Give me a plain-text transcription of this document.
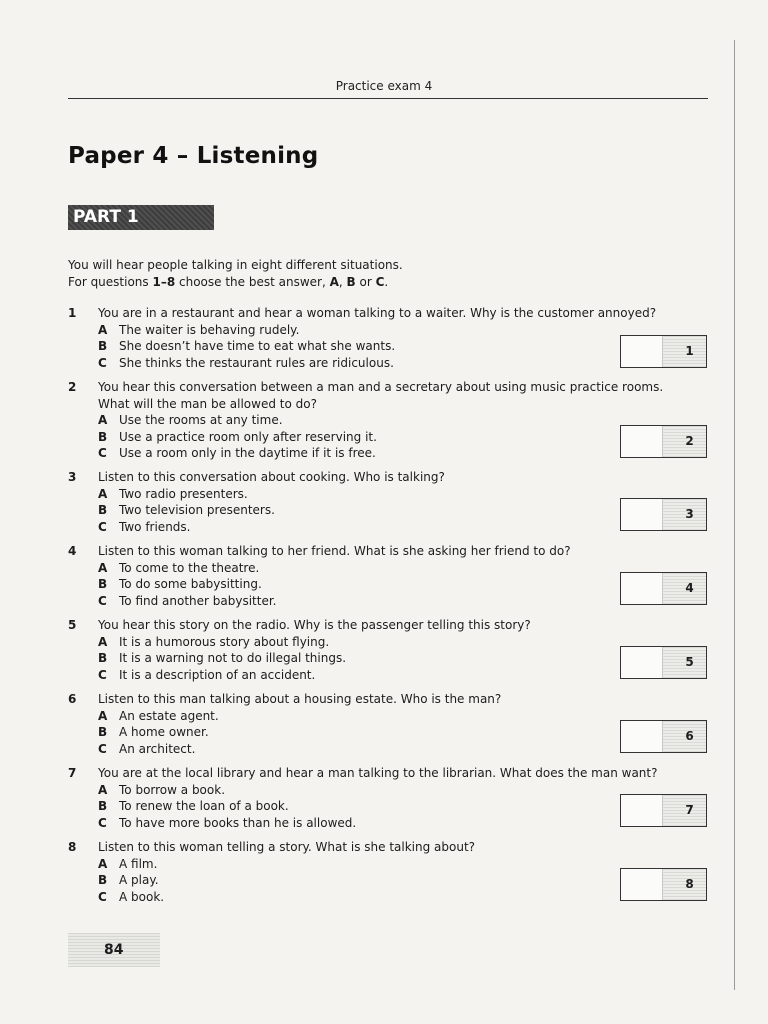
Practice exam 4
Paper 4 – Listening
PART 1
You will hear people talking in eight different situations.
For questions 1–8 choose the best answer, A, B or C.
1	You are in a restaurant and hear a woman talking to a waiter. Why is the customer annoyed?
A The waiter is behaving rudely.
B She doesn’t have time to eat what she wants.
C She thinks the restaurant rules are ridiculous.
1
2	You hear this conversation between a man and a secretary about using music practice rooms.
What will the man be allowed to do?
A Use the rooms at any time.
B Use a practice room only after reserving it.
C Use a room only in the daytime if it is free.
2
3	Listen to this conversation about cooking. Who is talking?
A Two radio presenters.
B Two television presenters.
C Two friends.
3
4	Listen to this woman talking to her friend. What is she asking her friend to do?
A To come to the theatre.
B To do some babysitting.
C To find another babysitter.
4
5	You hear this story on the radio. Why is the passenger telling this story?
A It is a humorous story about flying.
B It is a warning not to do illegal things.
C It is a description of an accident.
5
6	Listen to this man talking about a housing estate. Who is the man?
A An estate agent.
B A home owner.
C An architect.
6
7	You are at the local library and hear a man talking to the librarian. What does the man want?
A To borrow a book.
B To renew the loan of a book.
C To have more books than he is allowed.
7
8	Listen to this woman telling a story. What is she talking about?
A A film.
B A play.
C A book.
8
84
